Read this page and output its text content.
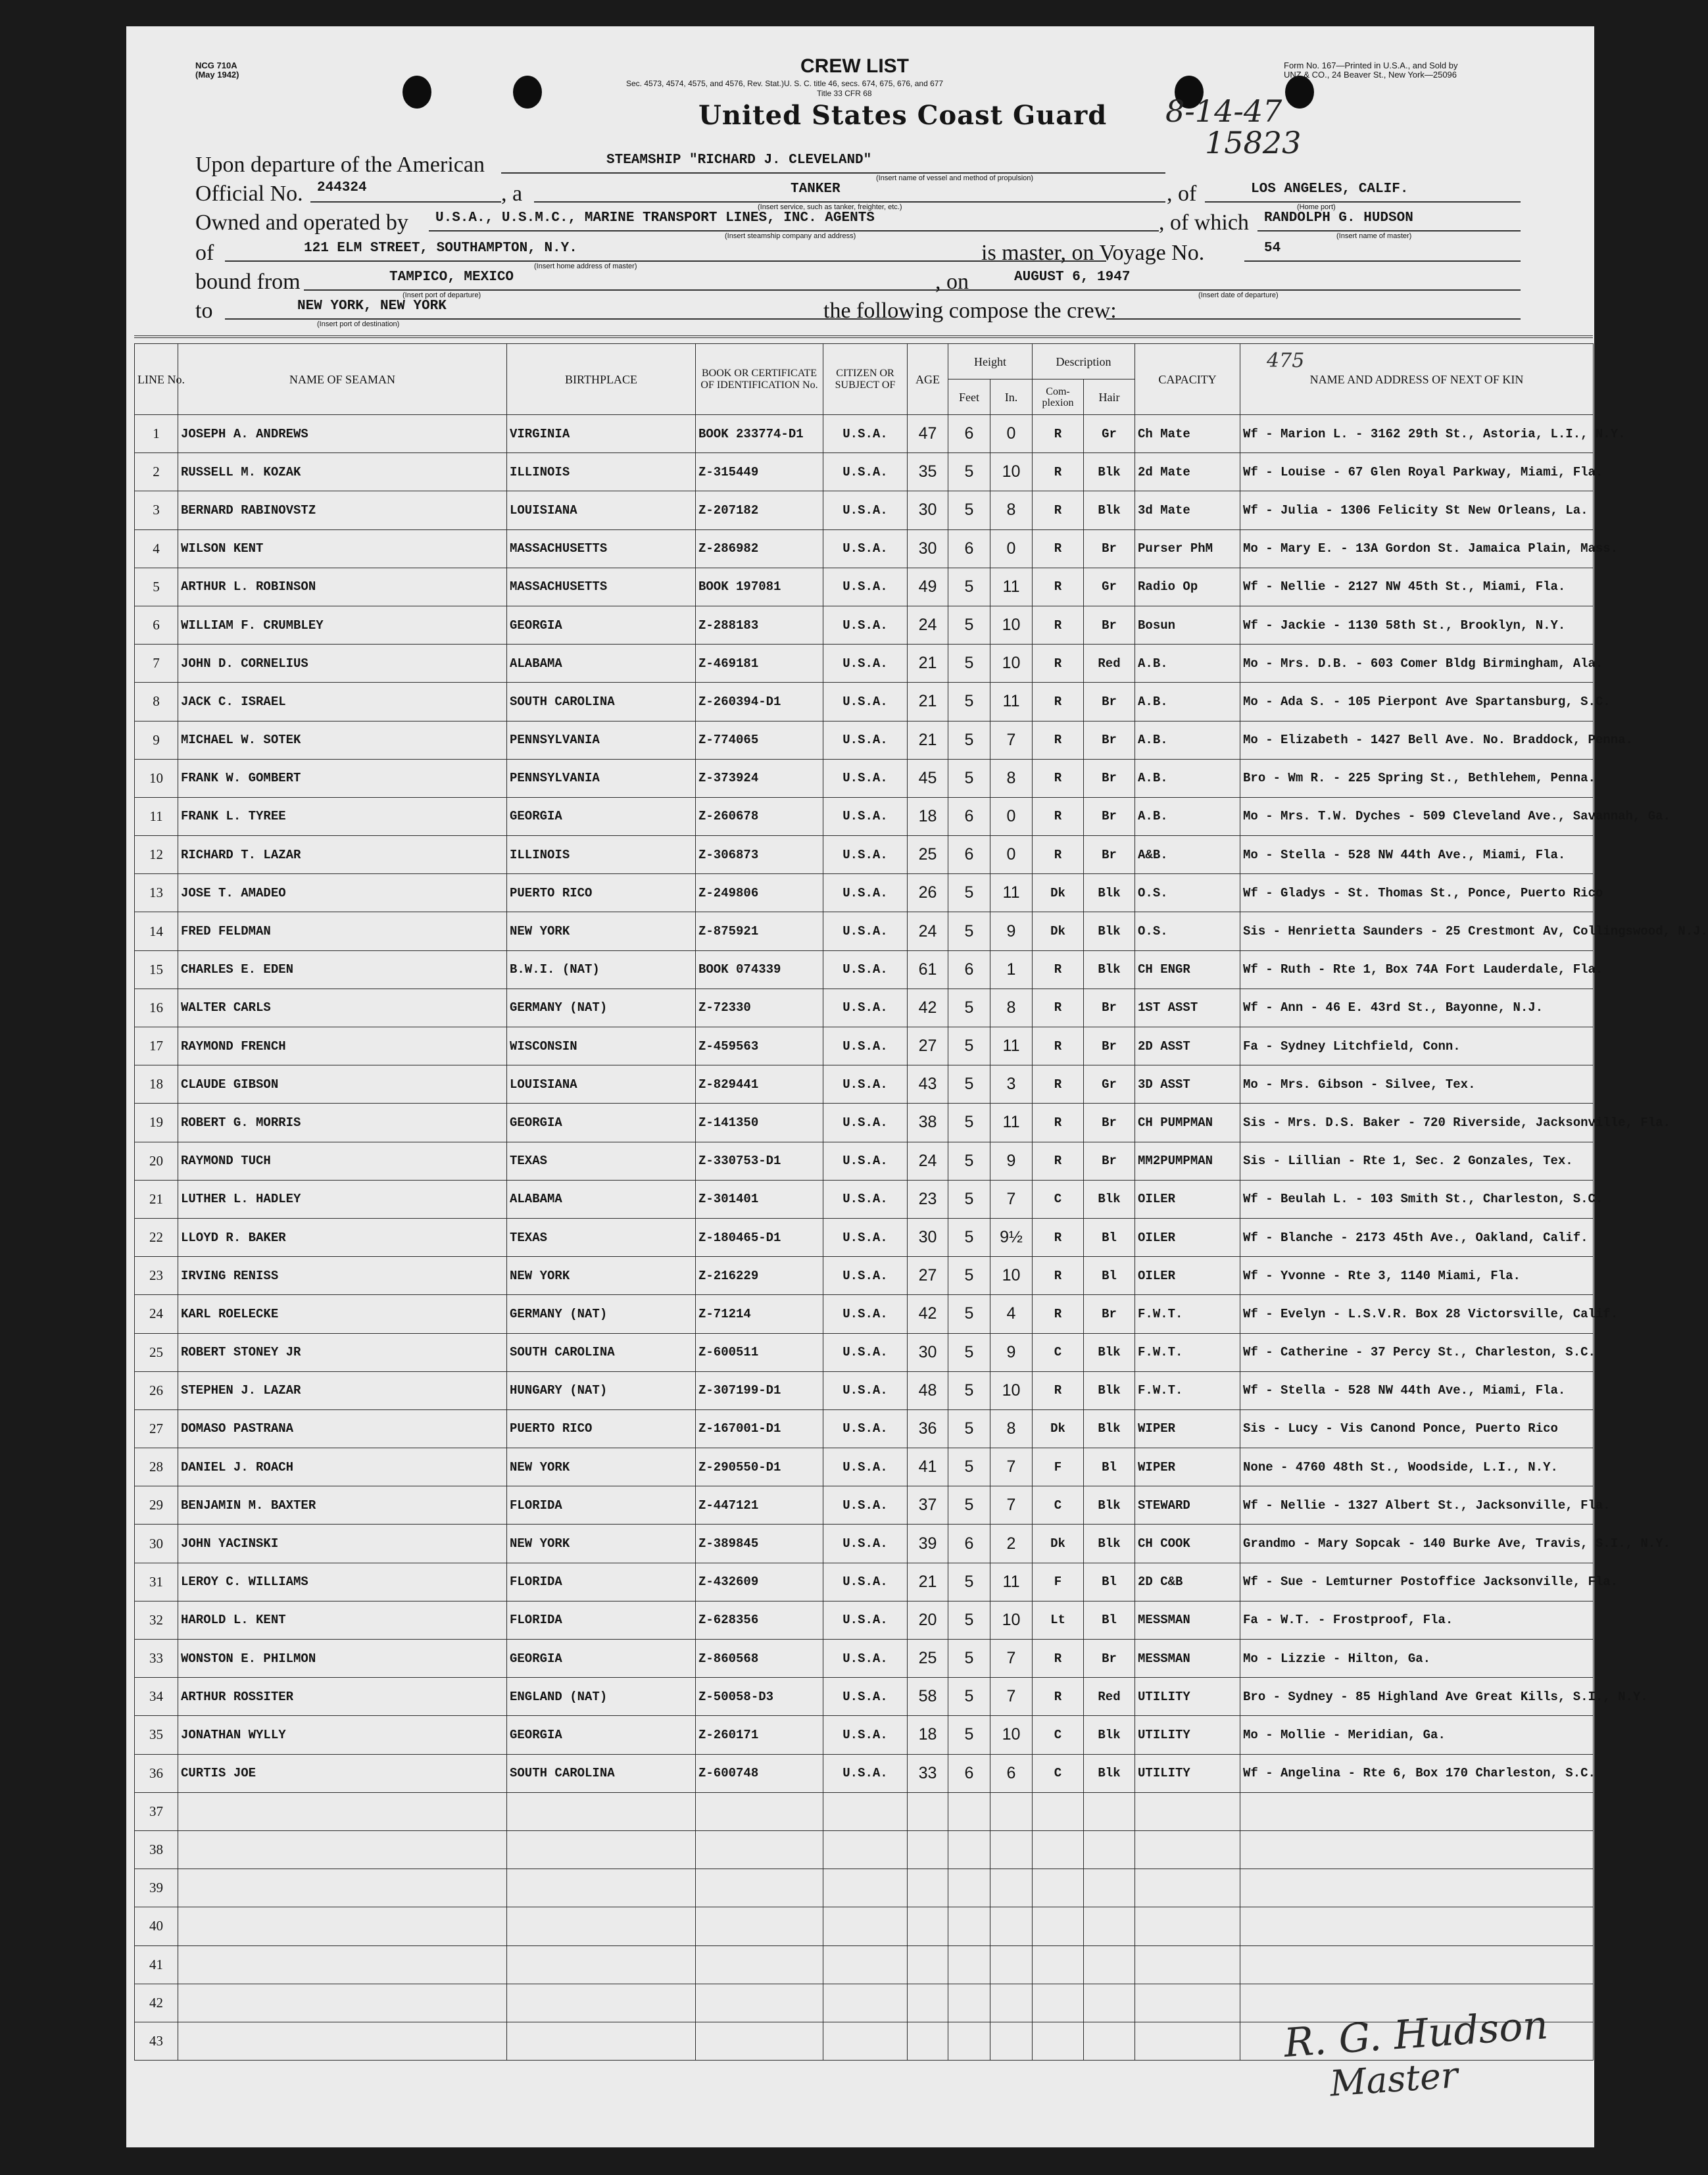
NCG 710A
(May 1942)	CREW LIST
Sec. 4573, 4574, 4575, and 4576, Rev. Stat.)U. S. C. title 46, secs. 674, 675, 676, and 677
Title 33 CFR 68
United States Coast Guard
Form No. 167—Printed in U.S.A., and Sold by
UNZ & CO., 24 Beaver St., New York—25096
8-14-47
15823
Upon departure of the American	STEAMSHIP "RICHARD J. CLEVELAND"
(Insert name of vessel and method of propulsion)
Official No. 244324	, a	TANKER
(Insert service, such as tanker, freighter, etc.)
, of	LOS ANGELES, CALIF.
(Home port)
Owned and operated by U.S.A., U.S.M.C., MARINE TRANSPORT LINES, INC. AGENTS
(Insert steamship company and address)
, of which RANDOLPH G. HUDSON
(Insert name of master)
of	121 ELM STREET, SOUTHAMPTON, N.Y.
(Insert home address of master)
is master, on Voyage No.	54
bound from	TAMPICO, MEXICO
(Insert port of departure)
, on	AUGUST 6, 1947
(Insert date of departure)
to	NEW YORK, NEW YORK
(Insert port of destination)
the following compose the crew:
LINE No.	NAME OF SEAMAN	BIRTHPLACE	BOOK OR CERTIFICATE OF IDENTIFICATION No.	CITIZEN OR SUBJECT OF	AGE	Height		Description		CAPACITY	NAME AND ADDRESS OF NEXT OF KIN
475

						Feet	In.	Com-plexion	Hair		
1	JOSEPH A. ANDREWS	VIRGINIA	BOOK 233774-D1	U.S.A.	47	6	0	R	Gr	Ch Mate	Wf - Marion L. - 3162 29th St., Astoria, L.I., N.Y.
2	RUSSELL M. KOZAK	ILLINOIS	Z-315449	U.S.A.	35	5	10	R	Blk	2d Mate	Wf - Louise - 67 Glen Royal Parkway, Miami, Fla.
3	BERNARD RABINOVSTZ	LOUISIANA	Z-207182	U.S.A.	30	5	8	R	Blk	3d Mate	Wf - Julia - 1306 Felicity St New Orleans, La.
4	WILSON KENT	MASSACHUSETTS	Z-286982	U.S.A.	30	6	0	R	Br	Purser PhM	Mo - Mary E. - 13A Gordon St. Jamaica Plain, Mass.
5	ARTHUR L. ROBINSON	MASSACHUSETTS	BOOK 197081	U.S.A.	49	5	11	R	Gr	Radio Op	Wf - Nellie - 2127 NW 45th St., Miami, Fla.
6	WILLIAM F. CRUMBLEY	GEORGIA	Z-288183	U.S.A.	24	5	10	R	Br	Bosun	Wf - Jackie - 1130 58th St., Brooklyn, N.Y.
7	JOHN D. CORNELIUS	ALABAMA	Z-469181	U.S.A.	21	5	10	R	Red	A.B.	Mo - Mrs. D.B. - 603 Comer Bldg Birmingham, Ala.
8	JACK C. ISRAEL	SOUTH CAROLINA	Z-260394-D1	U.S.A.	21	5	11	R	Br	A.B.	Mo - Ada S. - 105 Pierpont Ave Spartansburg, S.C.
9	MICHAEL W. SOTEK	PENNSYLVANIA	Z-774065	U.S.A.	21	5	7	R	Br	A.B.	Mo - Elizabeth - 1427 Bell Ave. No. Braddock, Penna.
10	FRANK W. GOMBERT	PENNSYLVANIA	Z-373924	U.S.A.	45	5	8	R	Br	A.B.	Bro - Wm R. - 225 Spring St., Bethlehem, Penna.
11	FRANK L. TYREE	GEORGIA	Z-260678	U.S.A.	18	6	0	R	Br	A.B.	Mo - Mrs. T.W. Dyches - 509 Cleveland Ave., Savannah, Ga.
12	RICHARD T. LAZAR	ILLINOIS	Z-306873	U.S.A.	25	6	0	R	Br	A&B.	Mo - Stella - 528 NW 44th Ave., Miami, Fla.
13	JOSE T. AMADEO	PUERTO RICO	Z-249806	U.S.A.	26	5	11	Dk	Blk	O.S.	Wf - Gladys - St. Thomas St., Ponce, Puerto Rico
14	FRED FELDMAN	NEW YORK	Z-875921	U.S.A.	24	5	9	Dk	Blk	O.S.	Sis - Henrietta Saunders - 25 Crestmont Av, Collingswood, N.J.
15	CHARLES E. EDEN	B.W.I. (NAT)	BOOK 074339	U.S.A.	61	6	1	R	Blk	CH ENGR	Wf - Ruth - Rte 1, Box 74A Fort Lauderdale, Fla.
16	WALTER CARLS	GERMANY (NAT)	Z-72330	U.S.A.	42	5	8	R	Br	1ST ASST	Wf - Ann - 46 E. 43rd St., Bayonne, N.J.
17	RAYMOND FRENCH	WISCONSIN	Z-459563	U.S.A.	27	5	11	R	Br	2D ASST	Fa - Sydney Litchfield, Conn.
18	CLAUDE GIBSON	LOUISIANA	Z-829441	U.S.A.	43	5	3	R	Gr	3D ASST	Mo - Mrs. Gibson - Silvee, Tex.
19	ROBERT G. MORRIS	GEORGIA	Z-141350	U.S.A.	38	5	11	R	Br	CH PUMPMAN	Sis - Mrs. D.S. Baker - 720 Riverside, Jacksonville, Fla.
20	RAYMOND TUCH	TEXAS	Z-330753-D1	U.S.A.	24	5	9	R	Br	MM2PUMPMAN	Sis - Lillian - Rte 1, Sec. 2 Gonzales, Tex.
21	LUTHER L. HADLEY	ALABAMA	Z-301401	U.S.A.	23	5	7	C	Blk	OILER	Wf - Beulah L. - 103 Smith St., Charleston, S.C.
22	LLOYD R. BAKER	TEXAS	Z-180465-D1	U.S.A.	30	5	9½	R	Bl	OILER	Wf - Blanche - 2173 45th Ave., Oakland, Calif.
23	IRVING RENISS	NEW YORK	Z-216229	U.S.A.	27	5	10	R	Bl	OILER	Wf - Yvonne - Rte 3, 1140 Miami, Fla.
24	KARL ROELECKE	GERMANY (NAT)	Z-71214	U.S.A.	42	5	4	R	Br	F.W.T.	Wf - Evelyn - L.S.V.R. Box 28 Victorsville, Calif.
25	ROBERT STONEY JR	SOUTH CAROLINA	Z-600511	U.S.A.	30	5	9	C	Blk	F.W.T.	Wf - Catherine - 37 Percy St., Charleston, S.C.
26	STEPHEN J. LAZAR	HUNGARY (NAT)	Z-307199-D1	U.S.A.	48	5	10	R	Blk	F.W.T.	Wf - Stella - 528 NW 44th Ave., Miami, Fla.
27	DOMASO PASTRANA	PUERTO RICO	Z-167001-D1	U.S.A.	36	5	8	Dk	Blk	WIPER	Sis - Lucy - Vis Canond Ponce, Puerto Rico
28	DANIEL J. ROACH	NEW YORK	Z-290550-D1	U.S.A.	41	5	7	F	Bl	WIPER	None - 4760 48th St., Woodside, L.I., N.Y.
29	BENJAMIN M. BAXTER	FLORIDA	Z-447121	U.S.A.	37	5	7	C	Blk	STEWARD	Wf - Nellie - 1327 Albert St., Jacksonville, Fla.
30	JOHN YACINSKI	NEW YORK	Z-389845	U.S.A.	39	6	2	Dk	Blk	CH COOK	Grandmo - Mary Sopcak - 140 Burke Ave, Travis, S.I., N.Y.
31	LEROY C. WILLIAMS	FLORIDA	Z-432609	U.S.A.	21	5	11	F	Bl	2D C&B	Wf - Sue - Lemturner Postoffice Jacksonville, Fla.
32	HAROLD L. KENT	FLORIDA	Z-628356	U.S.A.	20	5	10	Lt	Bl	MESSMAN	Fa - W.T. - Frostproof, Fla.
33	WONSTON E. PHILMON	GEORGIA	Z-860568	U.S.A.	25	5	7	R	Br	MESSMAN	Mo - Lizzie - Hilton, Ga.
34	ARTHUR ROSSITER	ENGLAND (NAT)	Z-50058-D3	U.S.A.	58	5	7	R	Red	UTILITY	Bro - Sydney - 85 Highland Ave Great Kills, S.I., N.Y.
35	JONATHAN WYLLY	GEORGIA	Z-260171	U.S.A.	18	5	10	C	Blk	UTILITY	Mo - Mollie - Meridian, Ga.
36	CURTIS JOE	SOUTH CAROLINA	Z-600748	U.S.A.	33	6	6	C	Blk	UTILITY	Wf - Angelina - Rte 6, Box 170 Charleston, S.C.
37											
38											
39											
40											
41											
42											
43												R. G. Hudson
Master
